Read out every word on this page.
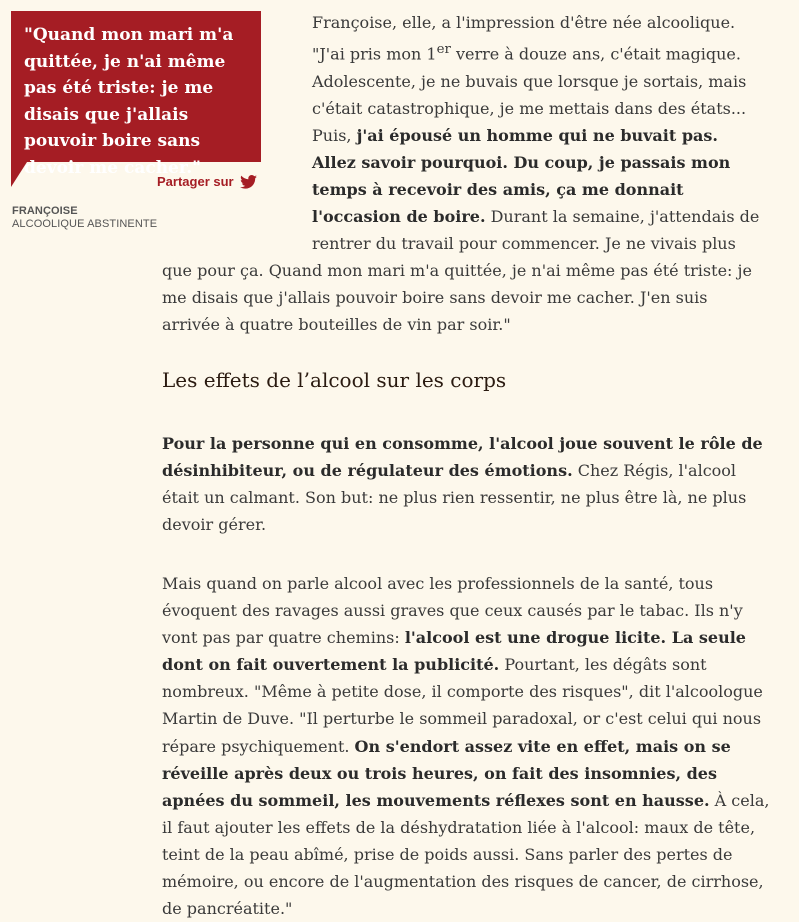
"Quand mon mari m'a quittée, je n'ai même pas été triste: je me disais que j'allais pouvoir boire sans devoir me cacher."

Partager sur
FRANÇOISE
ALCOOLIQUE ABSTINENTE

Françoise, elle, a l'impression d'être née alcoolique. "J'ai pris mon 1er verre à douze ans, c'était magique. Adolescente, je ne buvais que lorsque je sortais, mais c'était catastrophique, je me mettais dans des états... Puis, j'ai épousé un homme qui ne buvait pas. Allez savoir pourquoi. Du coup, je passais mon temps à recevoir des amis, ça me donnait l'occasion de boire. Durant la semaine, j'attendais de rentrer du travail pour commencer. Je ne vivais plus que pour ça. Quand mon mari m'a quittée, je n'ai même pas été triste: je me disais que j'allais pouvoir boire sans devoir me cacher. J'en suis arrivée à quatre bouteilles de vin par soir."

Les effets de l’alcool sur les corps

Pour la personne qui en consomme, l'alcool joue souvent le rôle de désinhibiteur, ou de régulateur des émotions. Chez Régis, l'alcool était un calmant. Son but: ne plus rien ressentir, ne plus être là, ne plus devoir gérer.

Mais quand on parle alcool avec les professionnels de la santé, tous évoquent des ravages aussi graves que ceux causés par le tabac. Ils n'y vont pas par quatre chemins: l'alcool est une drogue licite. La seule dont on fait ouvertement la publicité. Pourtant, les dégâts sont nombreux. "Même à petite dose, il comporte des risques", dit l'alcoologue Martin de Duve. "Il perturbe le sommeil paradoxal, or c'est celui qui nous répare psychiquement. On s'endort assez vite en effet, mais on se réveille après deux ou trois heures, on fait des insomnies, des apnées du sommeil, les mouvements réflexes sont en hausse. À cela, il faut ajouter les effets de la déshydratation liée à l'alcool: maux de tête, teint de la peau abîmé, prise de poids aussi. Sans parler des pertes de mémoire, ou encore de l'augmentation des risques de cancer, de cirrhose, de pancréatite."
